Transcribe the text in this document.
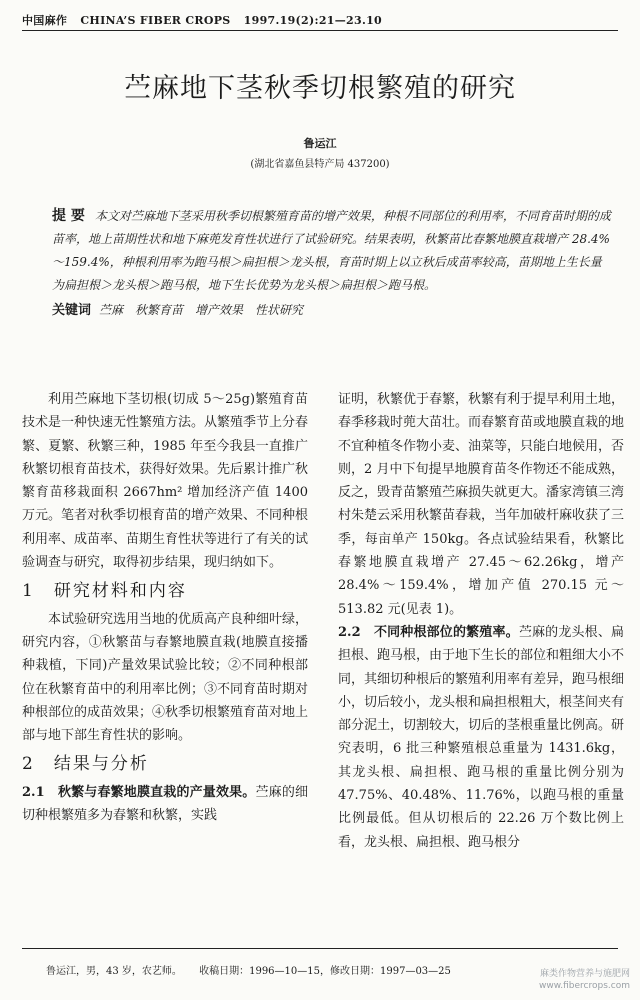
中国麻作 CHINA’S FIBER CROPS 1997.19(2):21—23.10
苎麻地下茎秋季切根繁殖的研究
鲁运江
(湖北省嘉鱼县特产局 437200)
提 要 本文对苎麻地下茎采用秋季切根繁殖育苗的增产效果，种根不同部位的利用率，不同育苗时期的成苗率，地上苗期性状和地下麻蔸发育性状进行了试验研究。结果表明，秋繁苗比春繁地膜直栽增产 28.4%～159.4%，种根利用率为跑马根＞扁担根＞龙头根，育苗时期上以立秋后成苗率较高，苗期地上生长量为扁担根＞龙头根＞跑马根，地下生长优势为龙头根＞扁担根＞跑马根。
关键词 苎麻　秋繁育苗　增产效果　性状研究

利用苎麻地下茎切根(切成 5～25g)繁殖育苗技术是一种快速无性繁殖方法。从繁殖季节上分春繁、夏繁、秋繁三种，1985 年至今我县一直推广秋繁切根育苗技术，获得好效果。先后累计推广秋繁育苗移栽面积 2667hm² 增加经济产值 1400 万元。笔者对秋季切根育苗的增产效果、不同种根利用率、成苗率、苗期生育性状等进行了有关的试验调查与研究，取得初步结果，现归纳如下。

1　研究材料和内容

本试验研究选用当地的优质高产良种细叶绿，研究内容，①秋繁苗与春繁地膜直栽(地膜直接播种栽植，下同)产量效果试验比较；②不同种根部位在秋繁育苗中的利用率比例；③不同育苗时期对种根部位的成苗效果；④秋季切根繁殖育苗对地上部与地下部生育性状的影响。

2　结果与分析

2.1　秋繁与春繁地膜直栽的产量效果。苎麻的细切种根繁殖多为春繁和秋繁，实践

证明，秋繁优于春繁，秋繁有利于提早利用土地，春季移栽时蔸大苗壮。而春繁育苗或地膜直栽的地不宜种植冬作物小麦、油菜等，只能白地候用，否则，2 月中下旬提早地膜育苗冬作物还不能成熟，反之，毁青苗繁殖苎麻损失就更大。潘家湾镇三湾村朱楚云采用秋繁苗春栽，当年加破杆麻收获了三季，每亩单产 150kg。各点试验结果看，秋繁比春繁地膜直栽增产 27.45～62.26kg，增产 28.4%～159.4%，增加产值 270.15 元～513.82 元(见表 1)。

2.2　不同种根部位的繁殖率。苎麻的龙头根、扁担根、跑马根，由于地下生长的部位和粗细大小不同，其细切种根后的繁殖利用率有差异，跑马根细小，切后较小，龙头根和扁担根粗大，根茎间夹有部分泥土，切割较大，切后的茎根重量比例高。研究表明，6 批三种繁殖根总重量为 1431.6kg，其龙头根、扁担根、跑马根的重量比例分别为 47.75%、40.48%、11.76%，以跑马根的重量比例最低。但从切根后的 22.26 万个数比例上看，龙头根、扁担根、跑马根分

鲁运江，男，43 岁，农艺师。 收稿日期：1996—10—15，修改日期：1997—03—25	麻类作物营养与施肥网
www.fibercrops.com
